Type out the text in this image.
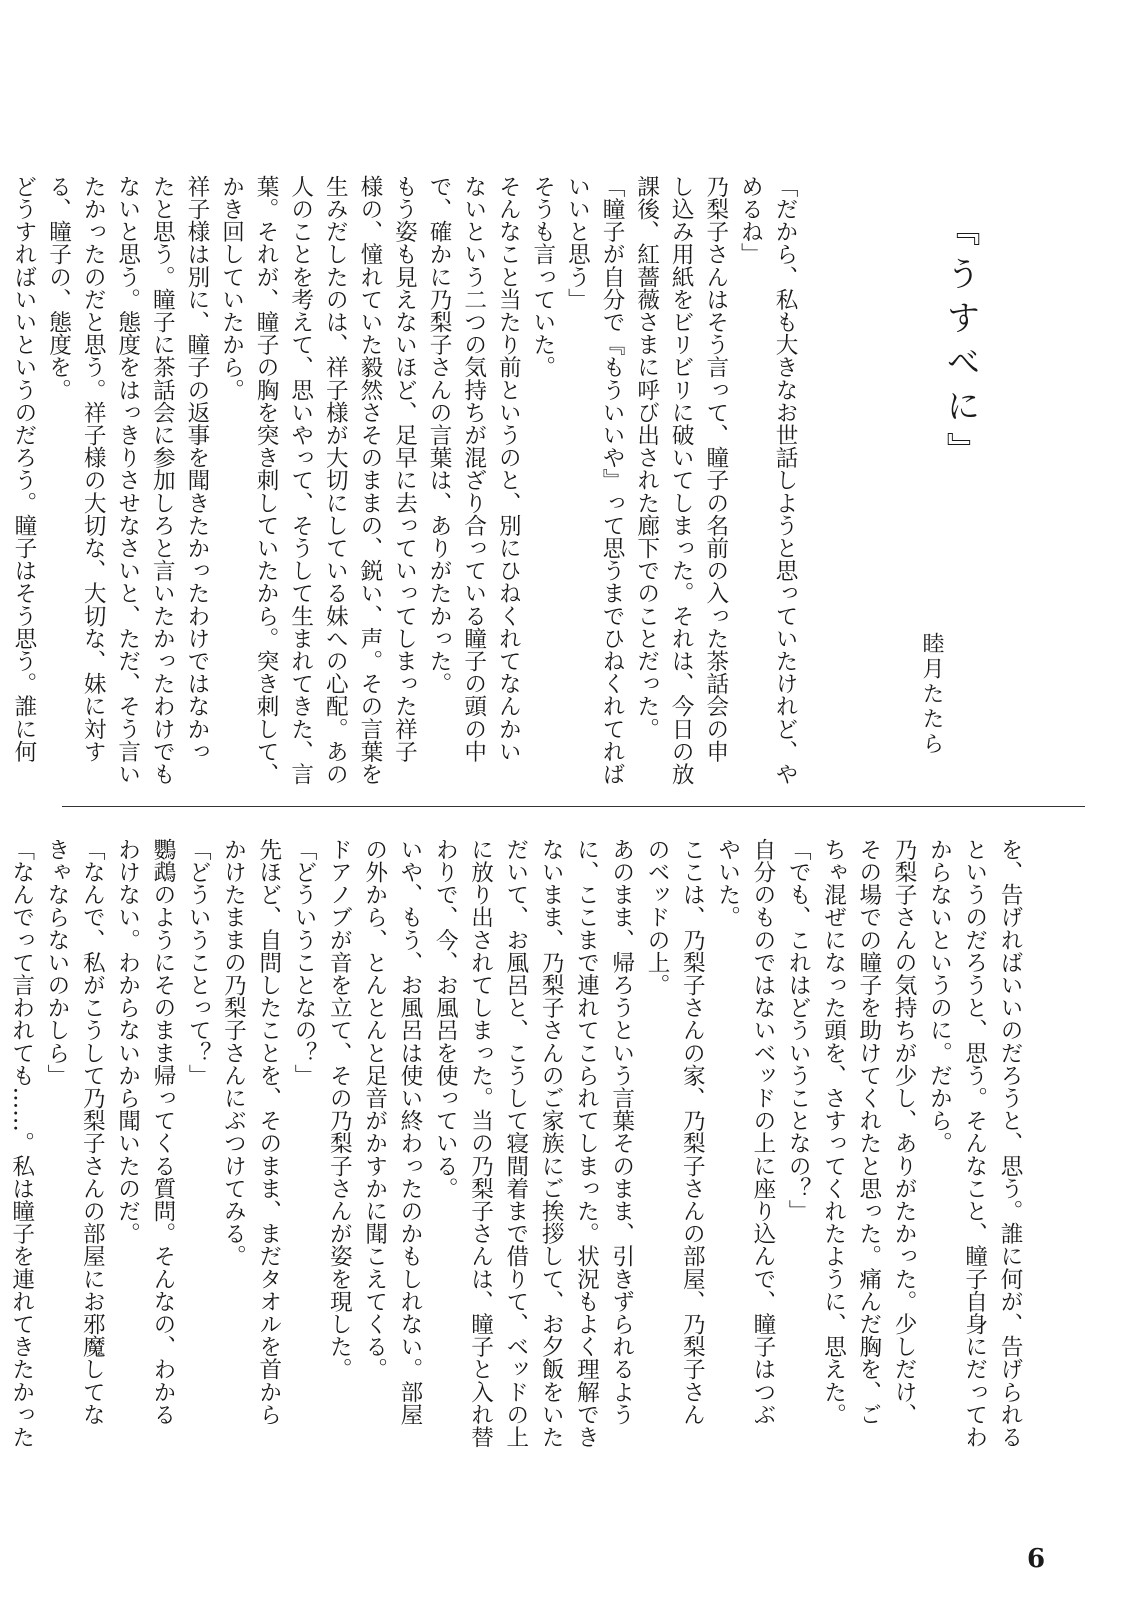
『うすべに』
睦月たたら

「だから、私も大きなお世話しようと思っていたけれど、や

めるね」

乃梨子さんはそう言って、瞳子の名前の入った茶話会の申

し込み用紙をビリビリに破いてしまった。それは、今日の放

課後、紅薔薇さまに呼び出された廊下でのことだった。

「瞳子が自分で『もういいや』って思うまでひねくれてれば

いいと思う」

そうも言っていた。

そんなこと当たり前というのと、別にひねくれてなんかい

ないという二つの気持ちが混ざり合っている瞳子の頭の中

で、確かに乃梨子さんの言葉は、ありがたかった。

もう姿も見えないほど、足早に去っていってしまった祥子

様の、憧れていた毅然さそのままの、鋭い、声。その言葉を

生みだしたのは、祥子様が大切にしている妹への心配。あの

人のことを考えて、思いやって、そうして生まれてきた、言

葉。それが、瞳子の胸を突き刺していたから。突き刺して、

かき回していたから。

祥子様は別に、瞳子の返事を聞きたかったわけではなかっ

たと思う。瞳子に茶話会に参加しろと言いたかったわけでも

ないと思う。態度をはっきりさせなさいと、ただ、そう言い

たかったのだと思う。祥子様の大切な、大切な、妹に対す

る、瞳子の、態度を。

どうすればいいというのだろう。瞳子はそう思う。誰に何

を、告げればいいのだろうと、思う。誰に何が、告げられる

というのだろうと、思う。そんなこと、瞳子自身にだってわ

からないというのに。だから。

乃梨子さんの気持ちが少し、ありがたかった。少しだけ、

その場での瞳子を助けてくれたと思った。痛んだ胸を、ご

ちゃ混ぜになった頭を、さすってくれたように、思えた。

「でも、これはどういうことなの？」

自分のものではないベッドの上に座り込んで、瞳子はつぶ

やいた。

ここは、乃梨子さんの家、乃梨子さんの部屋、乃梨子さん

のベッドの上。

あのまま、帰ろうという言葉そのまま、引きずられるよう

に、ここまで連れてこられてしまった。状況もよく理解でき

ないまま、乃梨子さんのご家族にご挨拶して、お夕飯をいた

だいて、お風呂と、こうして寝間着まで借りて、ベッドの上

に放り出されてしまった。当の乃梨子さんは、瞳子と入れ替

わりで、今、お風呂を使っている。

いや、もう、お風呂は使い終わったのかもしれない。部屋

の外から、とんとんと足音がかすかに聞こえてくる。

ドアノブが音を立て、その乃梨子さんが姿を現した。

「どういうことなの？」

先ほど、自問したことを、そのまま、まだタオルを首から

かけたままの乃梨子さんにぶつけてみる。

「どういうことって？」

鸚鵡のようにそのまま帰ってくる質問。そんなの、わかる

わけない。わからないから聞いたのだ。

「なんで、私がこうして乃梨子さんの部屋にお邪魔してな

きゃならないのかしら」

「なんでって言われても……。私は瞳子を連れてきたかった

6
